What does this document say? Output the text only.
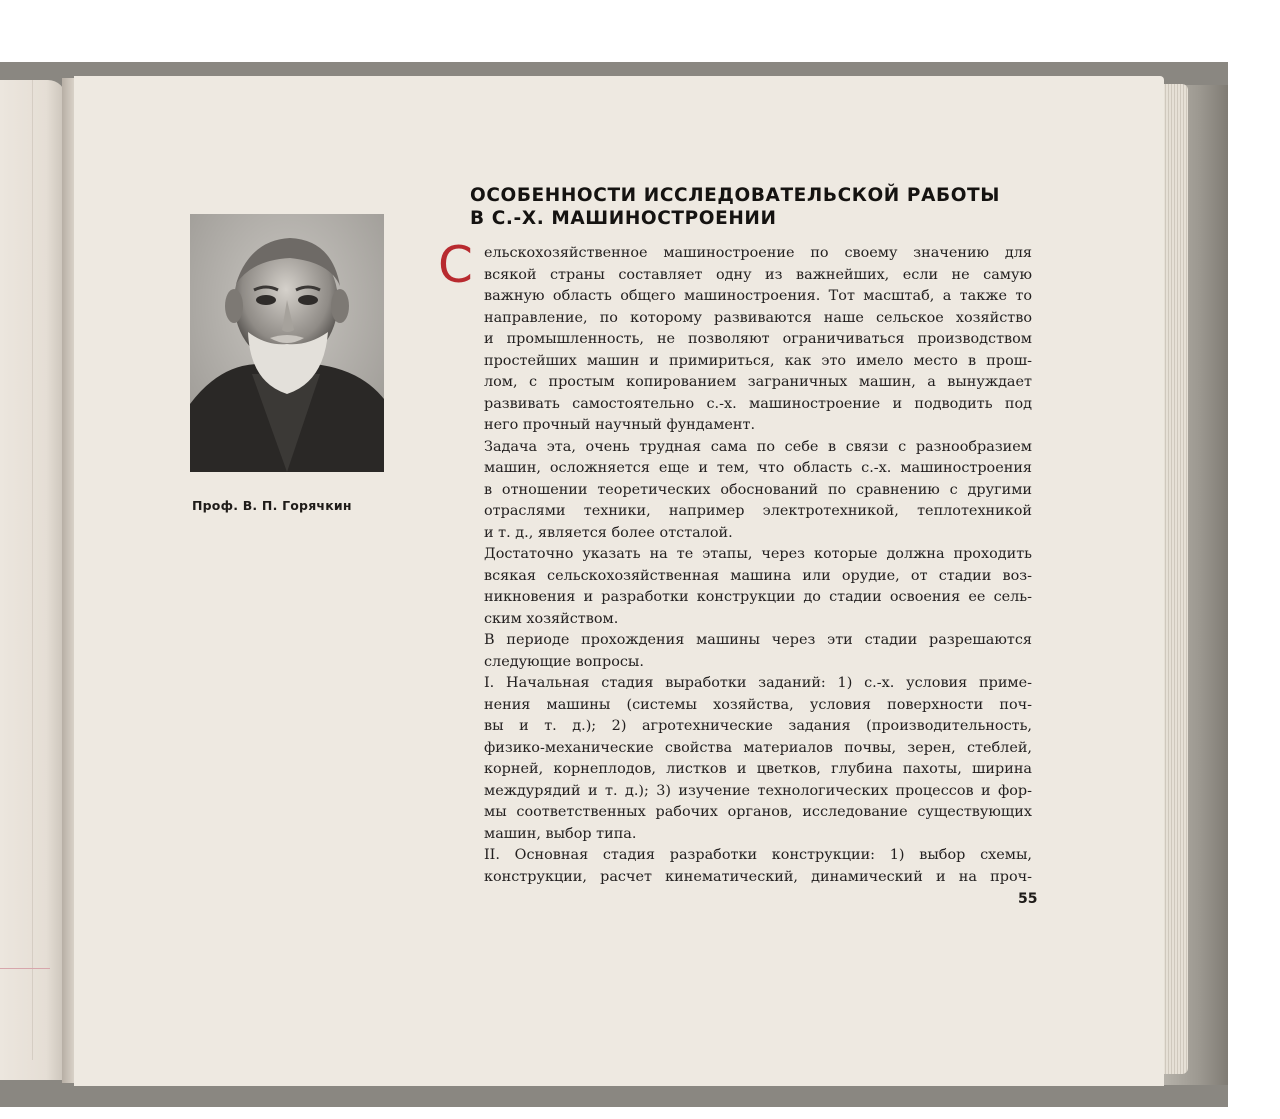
Проф. В. П. Горячкин
ОСОБЕННОСТИ ИССЛЕДОВАТЕЛЬСКОЙ РАБОТЫ
В С.-Х. МАШИНОСТРОЕНИИ
С ельскохозяйственное машиностроение по своему значению для
всякой страны составляет одну из важнейших, если не самую
важную область общего машиностроения. Тот масштаб, а также то
направление, по которому развиваются наше сельское хозяйство
и промышленность, не позволяют ограничиваться производством
простейших машин и примириться, как это имело место в прош-
лом, с простым копированием заграничных машин, а вынуждает
развивать самостоятельно с.-х. машиностроение и подводить под
него прочный научный фундамент.
Задача эта, очень трудная сама по себе в связи с разнообразием
машин, осложняется еще и тем, что область с.-х. машиностроения
в отношении теоретических обоснований по сравнению с другими
отраслями техники, например электротехникой, теплотехникой
и т. д., является более отсталой.
Достаточно указать на те этапы, через которые должна проходить
всякая сельскохозяйственная машина или орудие, от стадии воз-
никновения и разработки конструкции до стадии освоения ее сель-
ским хозяйством.
В периоде прохождения машины через эти стадии разрешаются
следующие вопросы.
I. Начальная стадия выработки заданий: 1) с.-х. условия приме-
нения машины (системы хозяйства, условия поверхности поч-
вы и т. д.); 2) агротехнические задания (производительность,
физико-механические свойства материалов почвы, зерен, стеблей,
корней, корнеплодов, листков и цветков, глубина пахоты, ширина
междурядий и т. д.); 3) изучение технологических процессов и фор-
мы соответственных рабочих органов, исследование существующих
машин, выбор типа.
II. Основная стадия разработки конструкции: 1) выбор схемы,
конструкции, расчет кинематический, динамический и на проч-
55
